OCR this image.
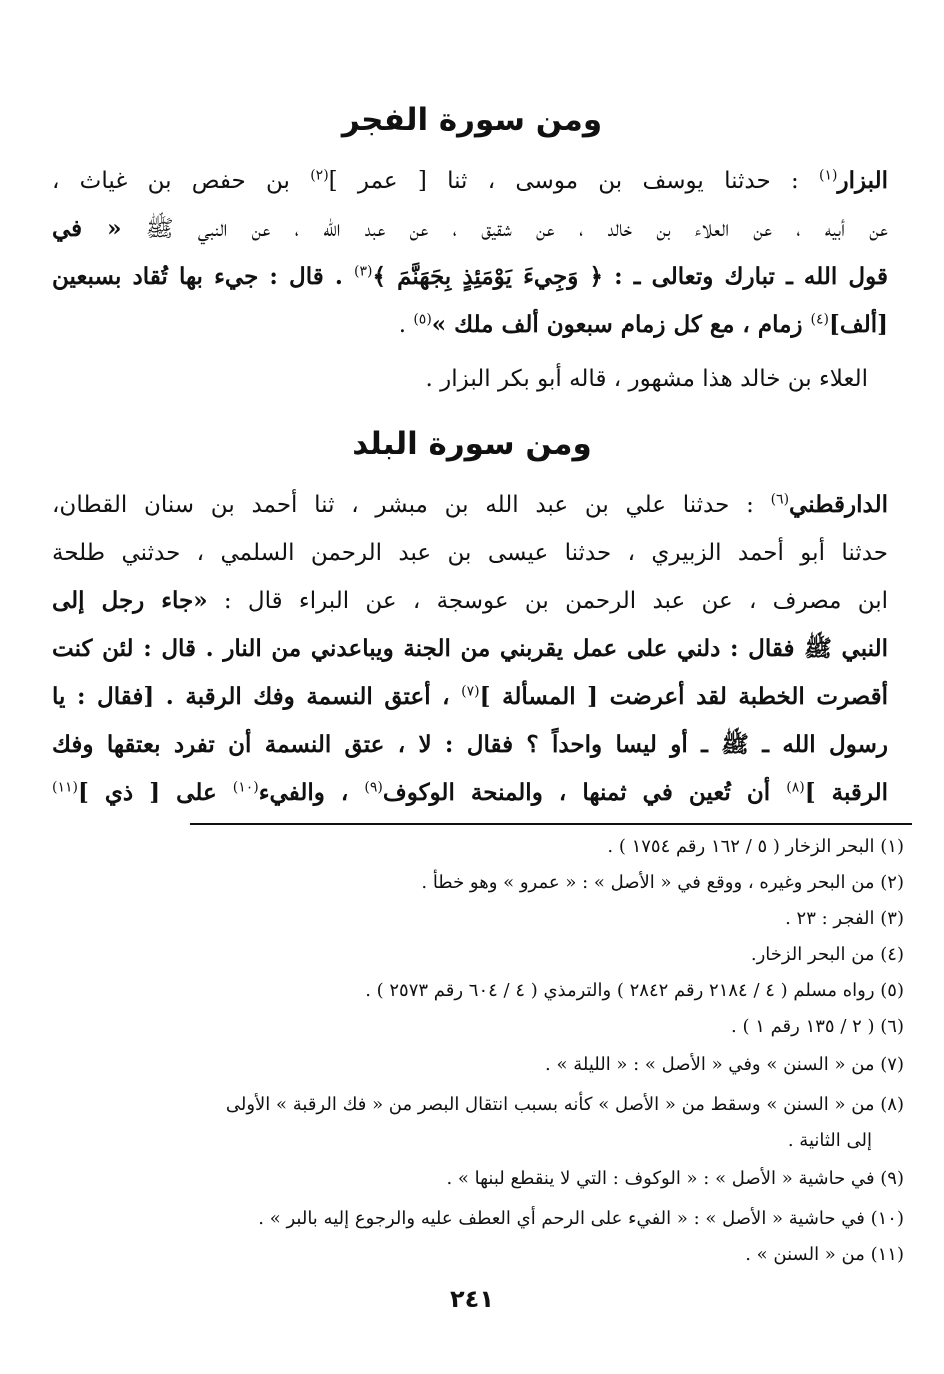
ومن سورة الفجر
البزار$^{(١)}$ : حدثنا يوسف بن موسى ، ثنا [ عمر ]$^{(٢)}$ بن حفص بن غياث ،
عن أبيه ، عن العلاء بن خالد ، عن شقيق ، عن عبد الله ، عن النبي ﷺ « في
قول الله ـ تبارك وتعالى ـ : ﴿ وَجِيءَ يَوْمَئِذٍ بِجَهَنَّمَ ﴾$^{(٣)}$ . قال : جيء بها تُقاد بسبعين
[ألف]$^{(٤)}$ زمام ، مع كل زمام سبعون ألف ملك »$^{(٥)}$ .
العلاء بن خالد هذا مشهور ، قاله أبو بكر البزار .
ومن سورة البلد
الدارقطني$^{(٦)}$ : حدثنا علي بن عبد الله بن مبشر ، ثنا أحمد بن سنان القطان،
حدثنا أبو أحمد الزبيري ، حدثنا عيسى بن عبد الرحمن السلمي ، حدثني طلحة
ابن مصرف ، عن عبد الرحمن بن عوسجة ، عن البراء قال : «جاء رجل إلى
النبي ﷺ فقال : دلني على عمل يقربني من الجنة ويباعدني من النار . قال : لئن كنت
أقصرت الخطبة لقد أعرضت [ المسألة ]$^{(٧)}$ ، أعتق النسمة وفك الرقبة . [فقال : يا
رسول الله ـ ﷺ ـ أو ليسا واحداً ؟ فقال : لا ، عتق النسمة أن تفرد بعتقها وفك
الرقبة ]$^{(٨)}$ أن تُعين في ثمنها ، والمنحة الوكوف$^{(٩)}$ ، والفيء$^{(١٠)}$ على [ ذي ]$^{(١١)}$
(١) البحر الزخار ( ٥ / ١٦٢ رقم ١٧٥٤ ) .
(٢) من البحر وغيره ، ووقع في « الأصل » : « عمرو » وهو خطأ .
(٣) الفجر : ٢٣ .
(٤) من البحر الزخار.
(٥) رواه مسلم ( ٤ / ٢١٨٤ رقم ٢٨٤٢ ) والترمذي ( ٤ / ٦٠٤ رقم ٢٥٧٣ ) .
(٦) ( ٢ / ١٣٥ رقم ١ ) .
(٧) من « السنن » وفي « الأصل » : « الليلة » .
(٨) من « السنن » وسقط من « الأصل » كأنه بسبب انتقال البصر من « فك الرقبة » الأولى
إلى الثانية .
(٩) في حاشية « الأصل » : « الوكوف : التي لا ينقطع لبنها » .
(١٠) في حاشية « الأصل » : « الفيء على الرحم أي العطف عليه والرجوع إليه بالبر » .
(١١) من « السنن » .
٢٤١
